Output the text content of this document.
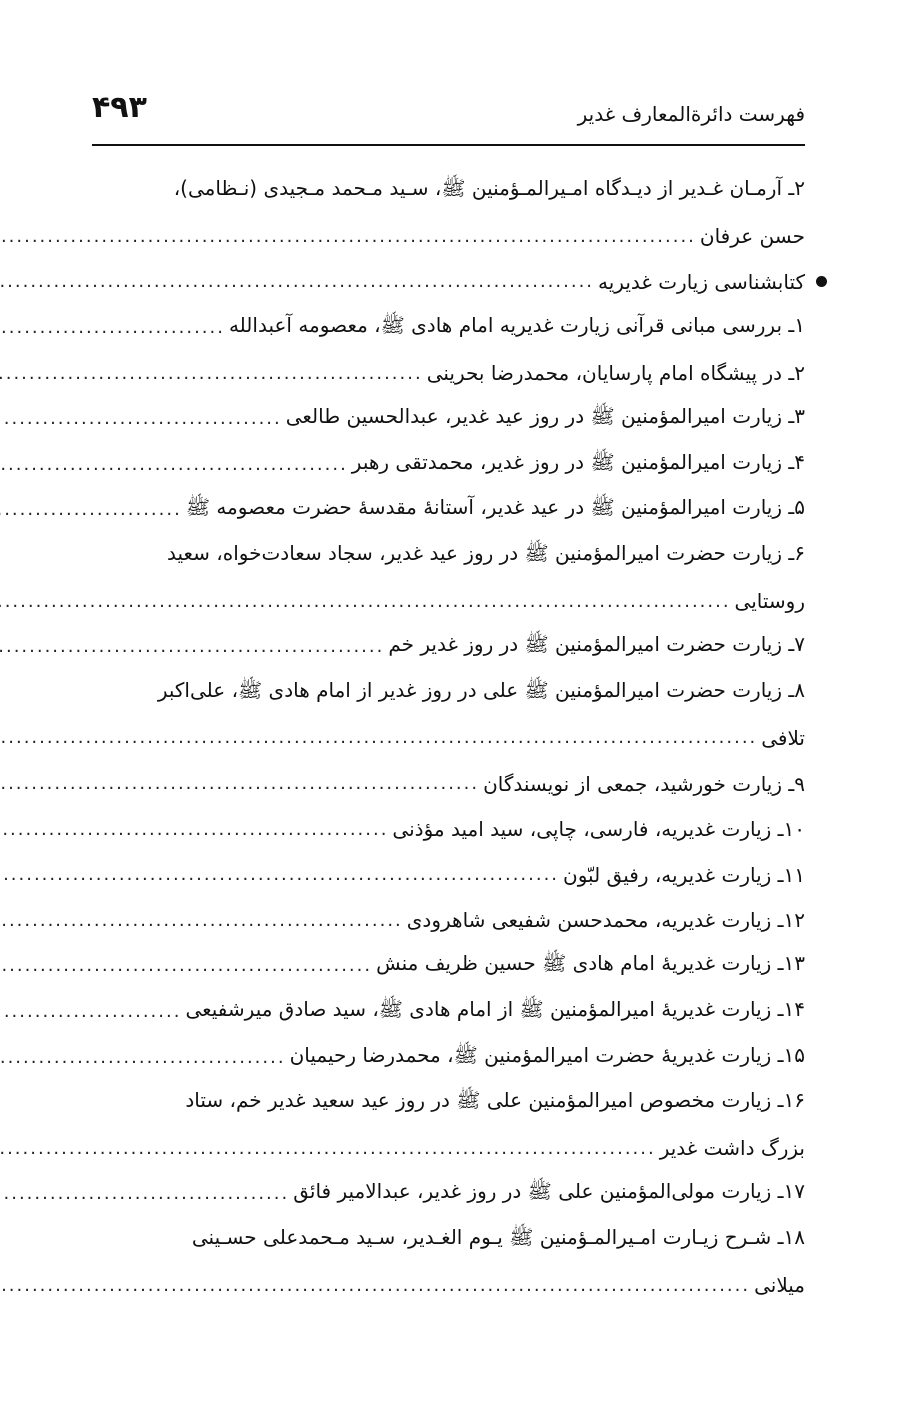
۴۹۳	فهرست دائرةالمعارف غدیر
۲ـ آرمـان غـدیر از دیـدگاه امـیرالمـؤمنین ﷺ، سـید مـحمد مـجیدی (نـظامی)،
حسن عرفان
.....
کتابشناسی زیارت غدیریه
.....
۱ـ بررسی مبانی قرآنی زیارت غدیریه امام هادی ﷺ، معصومه آعبدالله
.....
۲ـ در پیشگاه امام پارسایان، محمدرضا بحرینی
.....
۳ـ زیارت امیرالمؤمنین ﷺ در روز عید غدیر، عبدالحسین طالعی
.....
۴ـ زیارت امیرالمؤمنین ﷺ در روز غدیر، محمدتقی رهبر
.....
۵ـ زیارت امیرالمؤمنین ﷺ در عید غدیر، آستانهٔ مقدسهٔ حضرت معصومه ﷺ
.....
۶ـ زیارت حضرت امیرالمؤمنین ﷺ در روز عید غدیر، سجاد سعادت‌خواه، سعید
روستایی
.....
۷ـ زیارت حضرت امیرالمؤمنین ﷺ در روز غدیر خم
.....
۸ـ زیارت حضرت امیرالمؤمنین ﷺ علی در روز غدیر از امام هادی ﷺ، علی‌اکبر
تلافی
.....
۹ـ زیارت خورشید، جمعی از نویسندگان
.....
۱۰ـ زیارت غدیریه، فارسی، چاپی، سید امید مؤذنی
.....
۱۱ـ زیارت غدیریه، رفیق لبّون
.....
۱۲ـ زیارت غدیریه، محمدحسن شفیعی شاهرودی
.....
۱۳ـ زیارت غدیریهٔ امام هادی ﷺ حسین ظریف منش
.....
۱۴ـ زیارت غدیریهٔ امیرالمؤمنین ﷺ از امام هادی ﷺ، سید صادق میرشفیعی
.....
۱۵ـ زیارت غدیریهٔ حضرت امیرالمؤمنین ﷺ، محمدرضا رحیمیان
.....
۱۶ـ زیارت مخصوص امیرالمؤمنین علی ﷺ در روز عید سعید غدیر خم، ستاد
بزرگ داشت غدیر
.....
۱۷ـ زیارت مولی‌المؤمنین علی ﷺ در روز غدیر، عبدالامیر فائق
.....
۱۸ـ شـرح زیـارت امـیرالمـؤمنین ﷺ یـوم الغـدیر، سـید مـحمدعلی حسـینی
میلانی
.....
